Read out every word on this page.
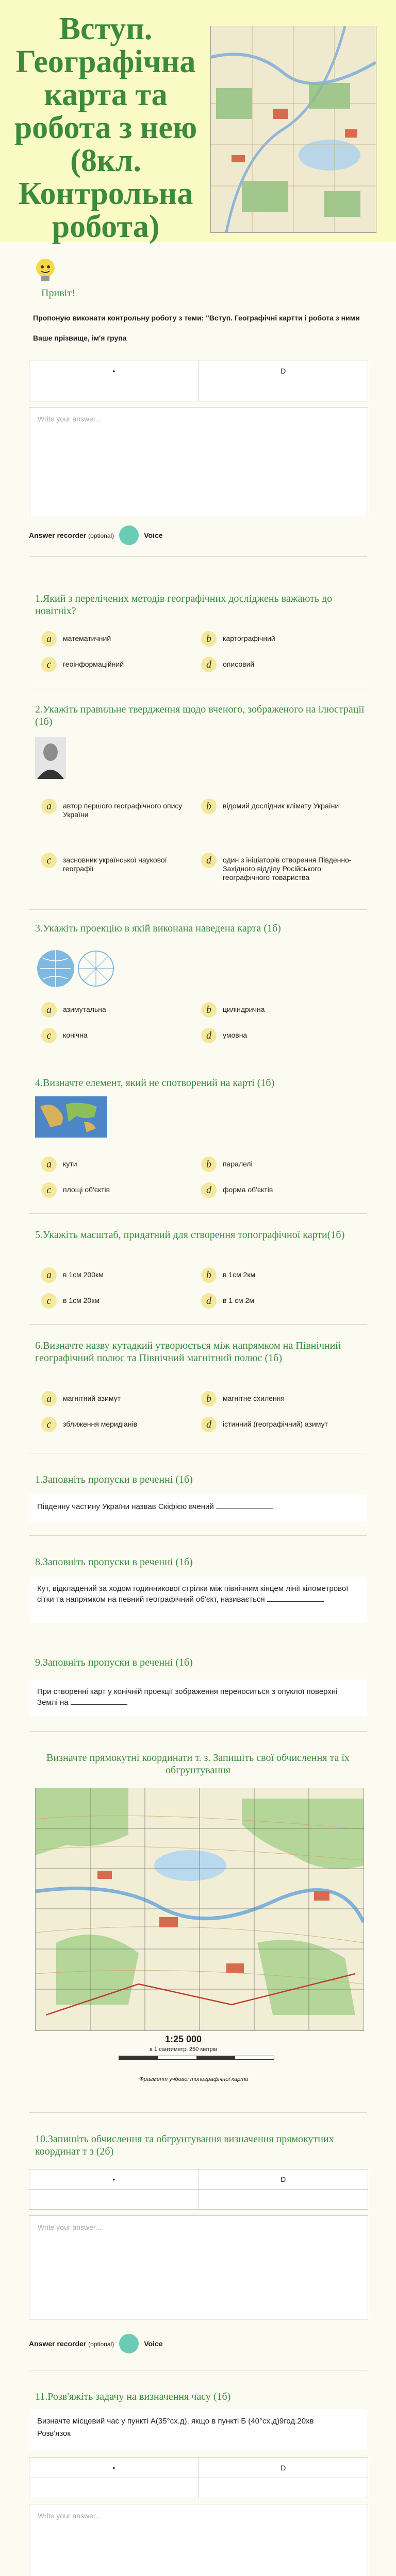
Вступ. Географічна карта та робота з нею (8кл. Контрольна робота)
Привіт!
Пропоную виконати контрольну роботу з теми: "Вступ. Географічні картти і робота з ними
Ваше прізвище, ім'я група
•	D
Write your answer...
Answer recorder (optional)	Voice
1.Який з перелічених методів географічних досліджень важають до новітніх?
a	математичний	b	картографічний
c	геоінформаційний	d	описовий
2.Укажіть правильне твердження щодо вченого, зображеного на ілюстрації (1б)
a	автор першого географічного опису України
b	відомий дослідник клімату України
c	засновник української наукової географії
d	один з ініціаторів створення Південно-Західного відділу Російського географічного товариства
3.Укажіть проекцію в якій виконана наведена карта (1б)
a	азимутальна	b	циліндрична
c	конічна	d	умовна
4.Визначте елемент, який не спотворений на карті (1б)
a	кути	b	паралелі
c	площі об'єктів	d	форма об'єктів
5.Укажіть масштаб, придатний для створення топографічної карти(1б)
a	в 1см 200км	b	в 1см 2км
c	в 1см 20км	d	в 1 см 2м
6.Визначте назву кутадкий утворюється між напрямком на Північний географічний полюс та Північний магнітний полюс (1б)
a	магнітний азимут	b	магнітне схилення
c	зближення меридіанів	d	істинний (географічний) азимут
1.Заповніть пропуски в реченні (1б)
Південну частину України назвав Скіфією вчений
8.Заповніть пропуски в реченні (1б)
Кут, відкладений за ходом годинникової стрілки між північним кінцем лінії кілометрової сітки та напрямком на певний географічний об'єкт, називається
9.Заповніть пропуски в реченні (1б)
При створенні карт у конічній проекції зображення переноситься з опуклої поверхні Землі на
Визначте прямокутні координати т. з. Запишіть свої обчислення та їх обгрунтування
1:25 000
в 1 сантиметрі 250 метрів
Фрагмент учбової топографічної карти
10.Запишіть обчислення та обгрунтування визначення прямокутних координат т з (2б)
•	D
Write your answer...
Answer recorder (optional)	Voice
11.Розв'яжіть задачу на визначення часу (1б)
Визначте місцевий час у пункті А(35°сх.д), якщо в пункті Б (40°сх.д)9год.20хв
Розв'язок
•	D
Write your answer...
